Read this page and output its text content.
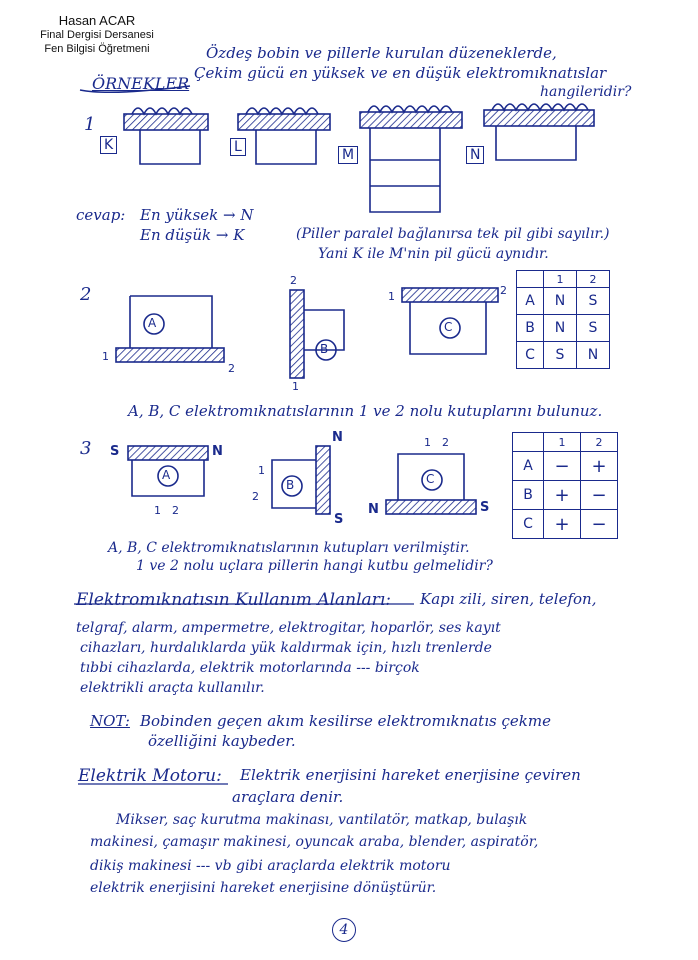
Hasan ACAR
Final Dergisi Dersanesi
Fen Bilgisi Öğretmeni
ÖRNEKLER
Özdeş bobin ve pillerle kurulan düzeneklerde,
Çekim gücü en yüksek ve en düşük elektromıknatıslar
hangileridir?
1
K	L	M	N
cevap: En yüksek → N
En düşük → K	(Piller paralel bağlanırsa tek pil gibi sayılır.)
Yani K ile M'nin pil gücü aynıdır.
2
A
B
C
1
2
2
1
1	2
	1	2
A	N	S
B	N	S
C	S	N
A, B, C elektromıknatıslarının 1 ve 2 nolu kutuplarını bulunuz.
3 S	N
A
1 2
N
S
B
1
2
N	S
C
1 2
		1	2
A	−	+
B	+	−
C	+	−
A, B, C elektromıknatıslarının kutupları verilmiştir.
1 ve 2 nolu uçlara pillerin hangi kutbu gelmelidir?
Elektromıknatısın Kullanım Alanları: Kapı zili, siren, telefon,
telgraf, alarm, ampermetre, elektrogitar, hoparlör, ses kayıt
cihazları, hurdalıklarda yük kaldırmak için, hızlı trenlerde
tıbbi cihazlarda, elektrik motorlarında --- birçok
elektrikli araçta kullanılır.
NOT: Bobinden geçen akım kesilirse elektromıknatıs çekme
özelliğini kaybeder.
Elektrik Motoru: Elektrik enerjisini hareket enerjisine çeviren
araçlara denir.
Mikser, saç kurutma makinası, vantilatör, matkap, bulaşık
makinesi, çamaşır makinesi, oyuncak araba, blender, aspiratör,
dikiş makinesi --- vb gibi araçlarda elektrik motoru
elektrik enerjisini hareket enerjisine dönüştürür.
4
